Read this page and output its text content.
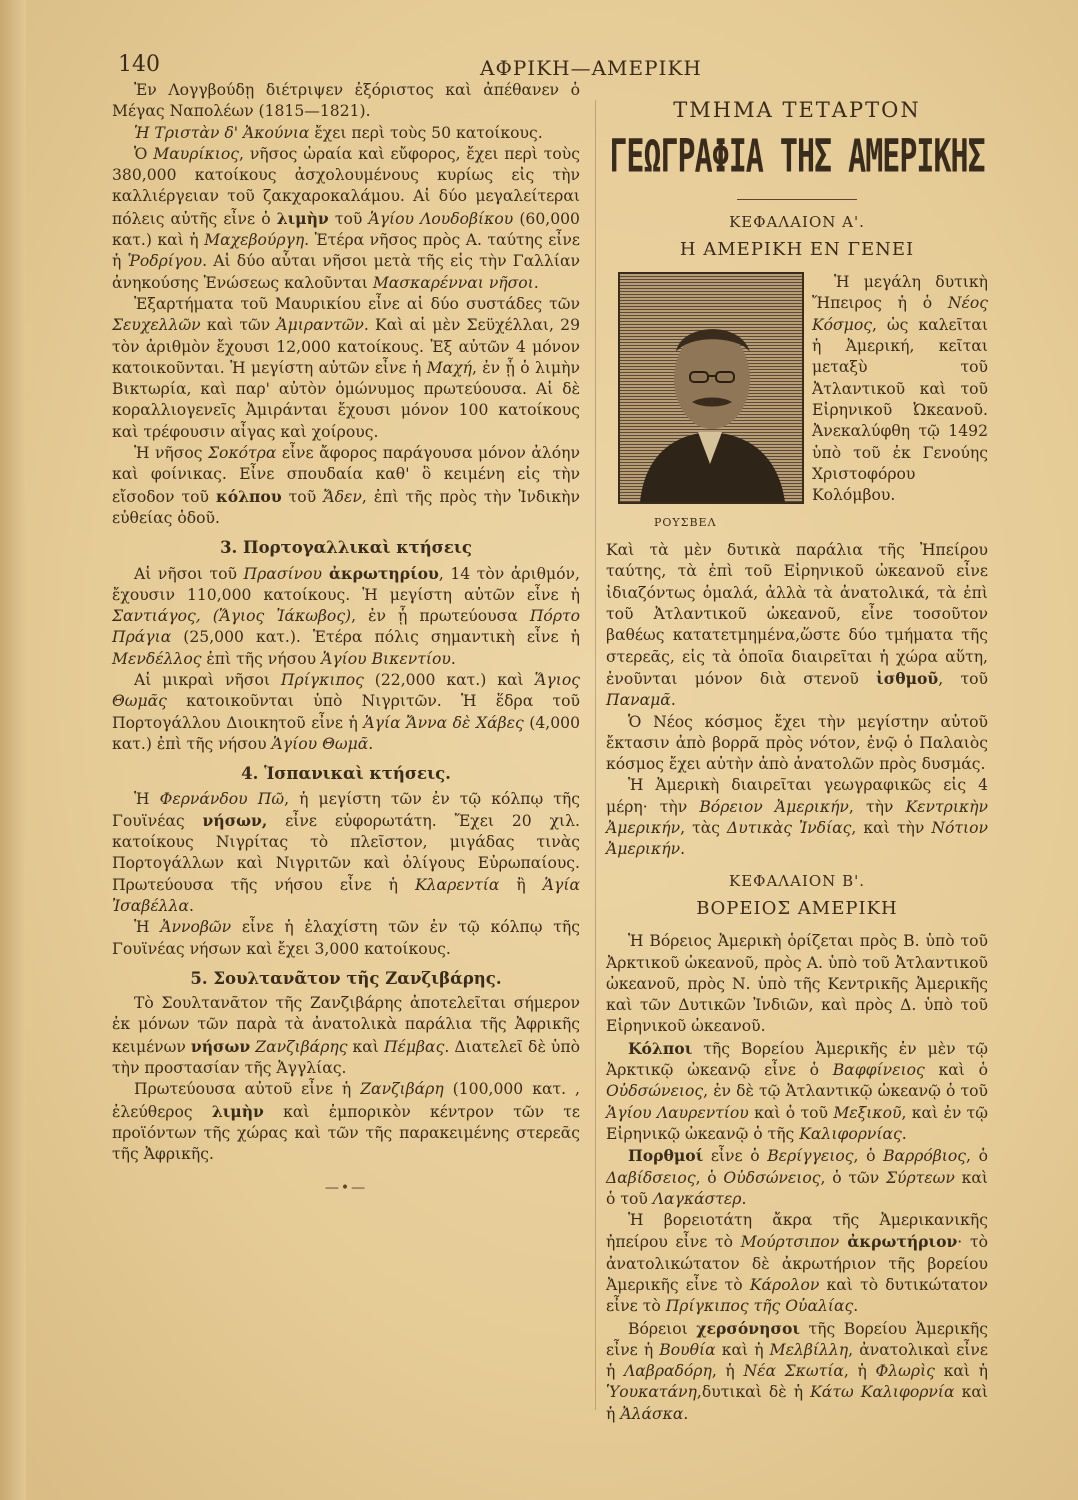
140	ΑΦΡΙΚΗ—ΑΜΕΡΙΚΗ

Ἐν Λογγβούδῃ διέτριψεν ἐξόριστος καὶ ἀπέθανεν ὁ Μέγας Ναπολέων (1815—1821).

Ἡ Τριστὰν δ' Ἀκούνια ἔχει περὶ τοὺς 50 κατοίκους.

Ὁ Μαυρίκιος, νῆσος ὡραία καὶ εὔφορος, ἔχει περὶ τοὺς 380,000 κατοίκους ἀσχολουμένους κυρίως εἰς τὴν καλλιέργειαν τοῦ ζακχαροκαλάμου. Αἱ δύο μεγαλείτεραι πόλεις αὐτῆς εἶνε ὁ λιμὴν τοῦ Ἁγίου Λουδοβίκου (60,000 κατ.) καὶ ἡ Μαχεβούργη. Ἑτέρα νῆσος πρὸς Α. ταύτης εἶνε ἡ Ῥοδρίγου. Αἱ δύο αὗται νῆσοι μετὰ τῆς εἰς τὴν Γαλλίαν ἀνηκούσης Ἑνώσεως καλοῦνται Μασκαρένναι νῆσοι.

Ἐξαρτήματα τοῦ Μαυρικίου εἶνε αἱ δύο συστάδες τῶν Σευχελλῶν καὶ τῶν Ἀμιραντῶν. Καὶ αἱ μὲν Σεϋχέλλαι, 29 τὸν ἀριθμὸν ἔχουσι 12,000 κατοίκους. Ἐξ αὐτῶν 4 μόνον κατοικοῦνται. Ἡ μεγίστη αὐτῶν εἶνε ἡ Μαχή, ἐν ᾗ ὁ λιμὴν Βικτωρία, καὶ παρ' αὐτὸν ὁμώνυμος πρωτεύουσα. Αἱ δὲ κοραλλιογενεῖς Ἀμιράνται ἔχουσι μόνον 100 κατοίκους καὶ τρέφουσιν αἶγας καὶ χοίρους.

Ἡ νῆσος Σοκότρα εἶνε ἄφορος παράγουσα μόνον ἀλόην καὶ φοίνικας. Εἶνε σπουδαία καθ' ὃ κειμένη εἰς τὴν εἴσοδον τοῦ κόλπου τοῦ Ἄδεν, ἐπὶ τῆς πρὸς τὴν Ἰνδικὴν εὐθείας ὁδοῦ.

3. Πορτογαλλικαὶ κτήσεις

Αἱ νῆσοι τοῦ Πρασίνου ἀκρωτηρίου, 14 τὸν ἀριθμόν, ἔχουσιν 110,000 κατοίκους. Ἡ μεγίστη αὐτῶν εἶνε ἡ Σαντιάγος, (Ἅγιος Ἰάκωβος), ἐν ᾗ πρωτεύουσα Πόρτο Πράγια (25,000 κατ.). Ἑτέρα πόλις σημαντικὴ εἶνε ἡ Μενδέλλος ἐπὶ τῆς νήσου Ἁγίου Βικεντίου.

Αἱ μικραὶ νῆσοι Πρίγκιπος (22,000 κατ.) καὶ Ἅγιος Θωμᾶς κατοικοῦνται ὑπὸ Νιγριτῶν. Ἡ ἕδρα τοῦ Πορτογάλλου Διοικητοῦ εἶνε ἡ Ἁγία Ἄννα δὲ Χάβες (4,000 κατ.) ἐπὶ τῆς νήσου Ἁγίου Θωμᾶ.

4. Ἱσπανικαὶ κτήσεις.

Ἡ Φερνάνδου Πῶ, ἡ μεγίστη τῶν ἐν τῷ κόλπῳ τῆς Γουϊνέας νήσων, εἶνε εὐφορωτάτη. Ἔχει 20 χιλ. κατοίκους Νιγρίτας τὸ πλεῖστον, μιγάδας τινὰς Πορτογάλλων καὶ Νιγριτῶν καὶ ὀλίγους Εὐρωπαίους. Πρωτεύουσα τῆς νήσου εἶνε ἡ Κλαρεντία ἢ Ἁγία Ἰσαβέλλα.

Ἡ Ἀννοβῶν εἶνε ἡ ἐλαχίστη τῶν ἐν τῷ κόλπῳ τῆς Γουϊνέας νήσων καὶ ἔχει 3,000 κατοίκους.

5. Σουλτανᾶτον τῆς Ζανζιβάρης.

Τὸ Σουλτανᾶτον τῆς Ζανζιβάρης ἀποτελεῖται σήμερον ἐκ μόνων τῶν παρὰ τὰ ἀνατολικὰ παράλια τῆς Ἀφρικῆς κειμένων νήσων Ζανζιβάρης καὶ Πέμβας. Διατελεῖ δὲ ὑπὸ τὴν προστασίαν τῆς Ἀγγλίας.

Πρωτεύουσα αὐτοῦ εἶνε ἡ Ζανζιβάρη (100,000 κατ. , ἐλεύθερος λιμὴν καὶ ἐμπορικὸν κέντρον τῶν τε προϊόντων τῆς χώρας καὶ τῶν τῆς παρακειμένης στερεᾶς τῆς Ἀφρικῆς.

—•—

ΤΜΗΜΑ ΤΕΤΑΡΤΟΝ

ΓΕΩΓΡΑΦΙΑ ΤΗΣ ΑΜΕΡΙΚΗΣ

ΚΕΦΑΛΑΙΟΝ Α'.

Η ΑΜΕΡΙΚΗ ΕΝ ΓΕΝΕΙ

ΡΟΥΣΒΕΛ

Ἡ μεγάλη δυτικὴ Ἤπειρος ἡ ὁ Νέος Κόσμος, ὡς καλεῖται ἡ Ἀμερική, κεῖται μεταξὺ τοῦ Ἀτλαντικοῦ καὶ τοῦ Εἰρηνικοῦ Ὠκεανοῦ. Ἀνεκαλύφθη τῷ 1492 ὑπὸ τοῦ ἐκ Γενούης Χριστοφόρου Κολόμβου.

Καὶ τὰ μὲν δυτικὰ παράλια τῆς Ἠπείρου ταύτης, τὰ ἐπὶ τοῦ Εἰρηνικοῦ ὠκεανοῦ εἶνε ἰδιαζόντως ὁμαλά, ἀλλὰ τὰ ἀνατολικά, τὰ ἐπὶ τοῦ Ἀτλαντικοῦ ὠκεανοῦ, εἶνε τοσοῦτον βαθέως κατατετμημένα,ὥστε δύο τμήματα τῆς στερεᾶς, εἰς τὰ ὁποῖα διαιρεῖται ἡ χώρα αὕτη, ἑνοῦνται μόνον διὰ στενοῦ ἰσθμοῦ, τοῦ Παναμᾶ.

Ὁ Νέος κόσμος ἔχει τὴν μεγίστην αὐτοῦ ἔκτασιν ἀπὸ βορρᾶ πρὸς νότον, ἐνῷ ὁ Παλαιὸς κόσμος ἔχει αὐτὴν ἀπὸ ἀνατολῶν πρὸς δυσμάς.

Ἡ Ἀμερικὴ διαιρεῖται γεωγραφικῶς εἰς 4 μέρη· τὴν Βόρειον Ἀμερικήν, τὴν Κεντρικὴν Ἀμερικήν, τὰς Δυτικὰς Ἰνδίας, καὶ τὴν Νότιον Ἀμερικήν.

ΚΕΦΑΛΑΙΟΝ Β'.

ΒΟΡΕΙΟΣ ΑΜΕΡΙΚΗ

Ἡ Βόρειος Ἀμερικὴ ὁρίζεται πρὸς Β. ὑπὸ τοῦ Ἀρκτικοῦ ὠκεανοῦ, πρὸς Α. ὑπὸ τοῦ Ἀτλαντικοῦ ὠκεανοῦ, πρὸς Ν. ὑπὸ τῆς Κεντρικῆς Ἀμερικῆς καὶ τῶν Δυτικῶν Ἰνδιῶν, καὶ πρὸς Δ. ὑπὸ τοῦ Εἰρηνικοῦ ὠκεανοῦ.

Κόλποι τῆς Βορείου Ἀμερικῆς ἐν μὲν τῷ Ἀρκτικῷ ὠκεανῷ εἶνε ὁ Βαφφίνειος καὶ ὁ Οὐδσώνειος, ἐν δὲ τῷ Ἀτλαντικῷ ὠκεανῷ ὁ τοῦ Ἁγίου Λαυρεντίου καὶ ὁ τοῦ Μεξικοῦ, καὶ ἐν τῷ Εἰρηνικῷ ὠκεανῷ ὁ τῆς Καλιφορνίας.

Πορθμοί εἶνε ὁ Βερίγγειος, ὁ Βαρρόβιος, ὁ Δαβίδσειος, ὁ Οὐδσώνειος, ὁ τῶν Σύρτεων καὶ ὁ τοῦ Λαγκάστερ.

Ἡ βορειοτάτη ἄκρα τῆς Ἀμερικανικῆς ἠπείρου εἶνε τὸ Μούρτσιπον ἀκρωτήριον· τὸ ἀνατολικώτατον δὲ ἀκρωτήριον τῆς βορείου Ἀμερικῆς εἶνε τὸ Κάρολον καὶ τὸ δυτικώτατον εἶνε τὸ Πρίγκιπος τῆς Οὐαλίας.

Βόρειοι χερσόνησοι τῆς Βορείου Ἀμερικῆς εἶνε ἡ Βουθία καὶ ἡ Μελβίλλη, ἀνατολικαὶ εἶνε ἡ Λαβραδόρη, ἡ Νέα Σκωτία, ἡ Φλωρὶς καὶ ἡ Ὑουκατάνη,δυτικαὶ δὲ ἡ Κάτω Καλιφορνία καὶ ἡ Ἀλάσκα.
